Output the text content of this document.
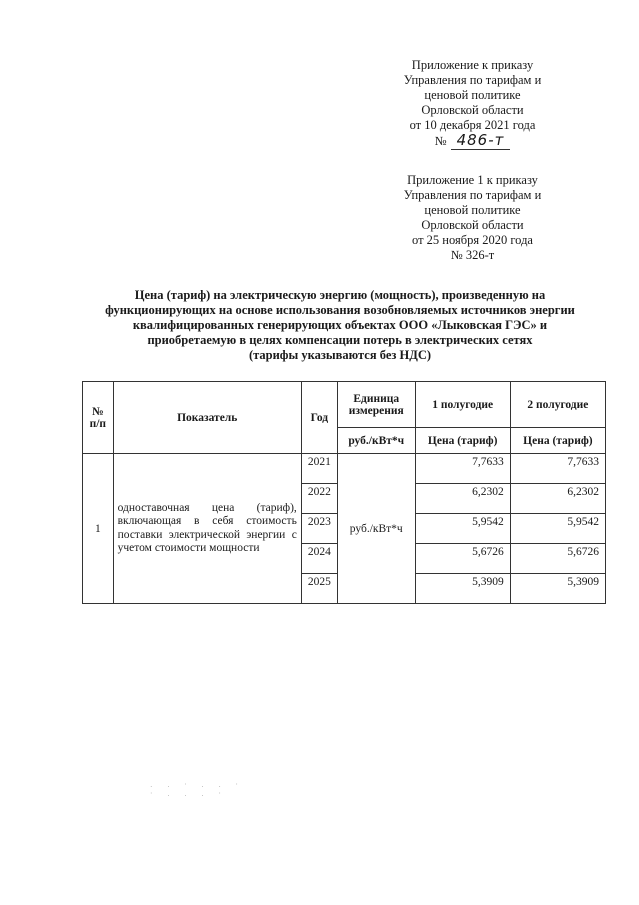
Приложение к приказу
Управления по тарифам и
ценовой политике
Орловской области
от 10 декабря 2021 года
№ 486-т
Приложение 1 к приказу
Управления по тарифам и
ценовой политике
Орловской области
от 25 ноября 2020 года
№ 326-т
Цена (тариф) на электрическую энергию (мощность), произведенную на
функционирующих на основе использования возобновляемых источников энергии
квалифицированных генерирующих объектах ООО «Лыковская ГЭС» и
приобретаемую в целях компенсации потерь в электрических сетях
(тарифы указываются без НДС)
№ п/п	Показатель	Год	Единица измерения	1 полугодие	2 полугодие
			руб./кВт*ч	Цена (тариф)	Цена (тариф)
1	одноставочная цена (тариф), включающая в себя стоимость поставки электрической энергии с учетом стоимости мощности	2021	руб./кВт*ч	7,7633	7,7633
		2022		6,2302	6,2302
		2023		5,9542	5,9542
		2024		5,6726	5,6726
		2025		5,3909	5,3909
. . · . . ·
· . . . ·
